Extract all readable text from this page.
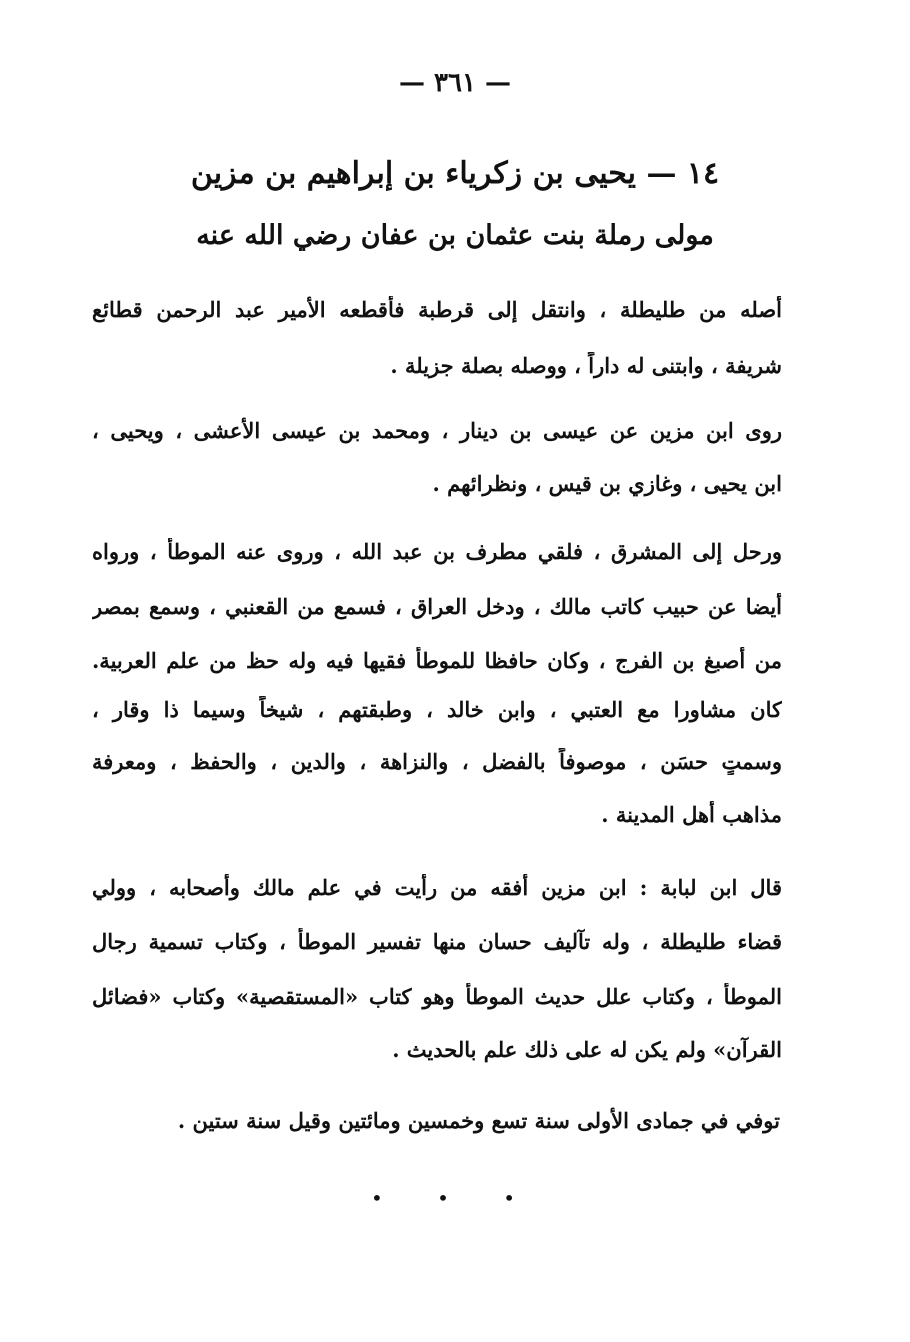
— ٣٦١ —
١٤ — يحيى بن زكرياء بن إبراهيم بن مزين
مولى رملة بنت عثمان بن عفان رضي الله عنه
أصله من طليطلة ، وانتقل إلى قرطبة فأقطعه الأمير عبد الرحمن قطائع
شريفة ، وابتنى له داراً ، ووصله بصلة جزيلة .
روى ابن مزين عن عيسى بن دينار ، ومحمد بن عيسى الأعشى ، ويحيى ،
ابن يحيى ، وغازي بن قيس ، ونظرائهم .
ورحل إلى المشرق ، فلقي مطرف بن عبد الله ، وروى عنه الموطأ ، ورواه
أيضا عن حبيب كاتب مالك ، ودخل العراق ، فسمع من القعنبي ، وسمع بمصر
من أصبغ بن الفرج ، وكان حافظا للموطأ فقيها فيه وله حظ من علم العربية.
كان مشاورا مع العتبي ، وابن خالد ، وطبقتهم ، شيخاً وسيما ذا وقار ،
وسمتٍ حسَنٍ ، موصوفاً بالفضل ، والنزاهة ، والدين ، والحفظ ، ومعرفة
مذاهب أهل المدينة .
قال ابن لبابة : ابن مزين أفقه من رأيت في علم مالك وأصحابه ، وولي
قضاء طليطلة ، وله تآليف حسان منها تفسير الموطأ ، وكتاب تسمية رجال
الموطأ ، وكتاب علل حديث الموطأ وهو كتاب «المستقصية» وكتاب «فضائل
القرآن» ولم يكن له على ذلك علم بالحديث .
توفي في جمادى الأولى سنة تسع وخمسين ومائتين وقيل سنة ستين .
• • •
